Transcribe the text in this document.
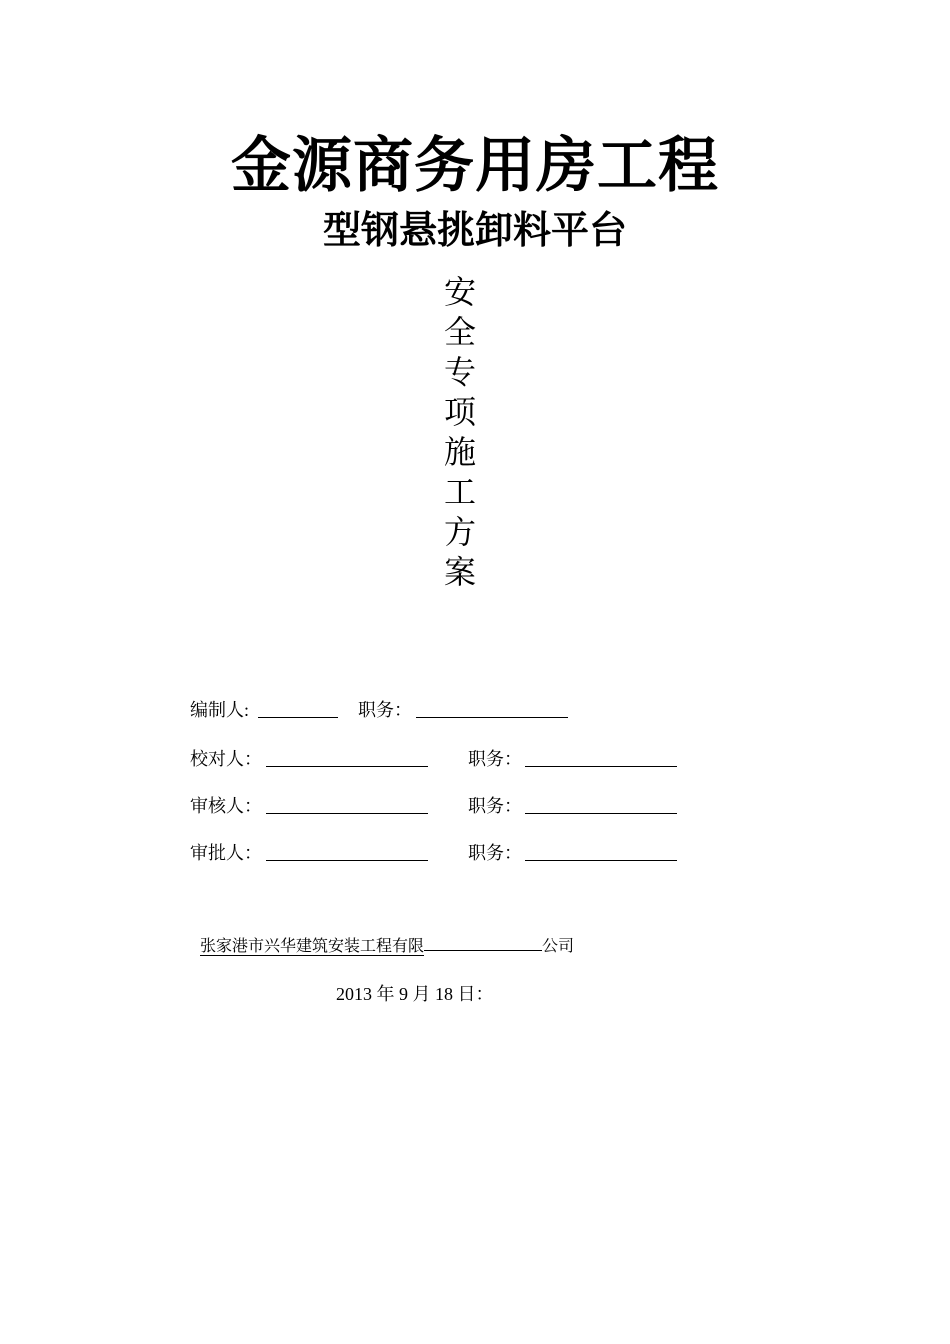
金源商务用房工程
型钢悬挑卸料平台
安
全
专
项
施
工
方
案
编制人:	职务：
校对人：	职务：
审核人：	职务：
审批人：	职务：
张家港市兴华建筑安装工程有限	公司
2013 年 9 月 18 日：
